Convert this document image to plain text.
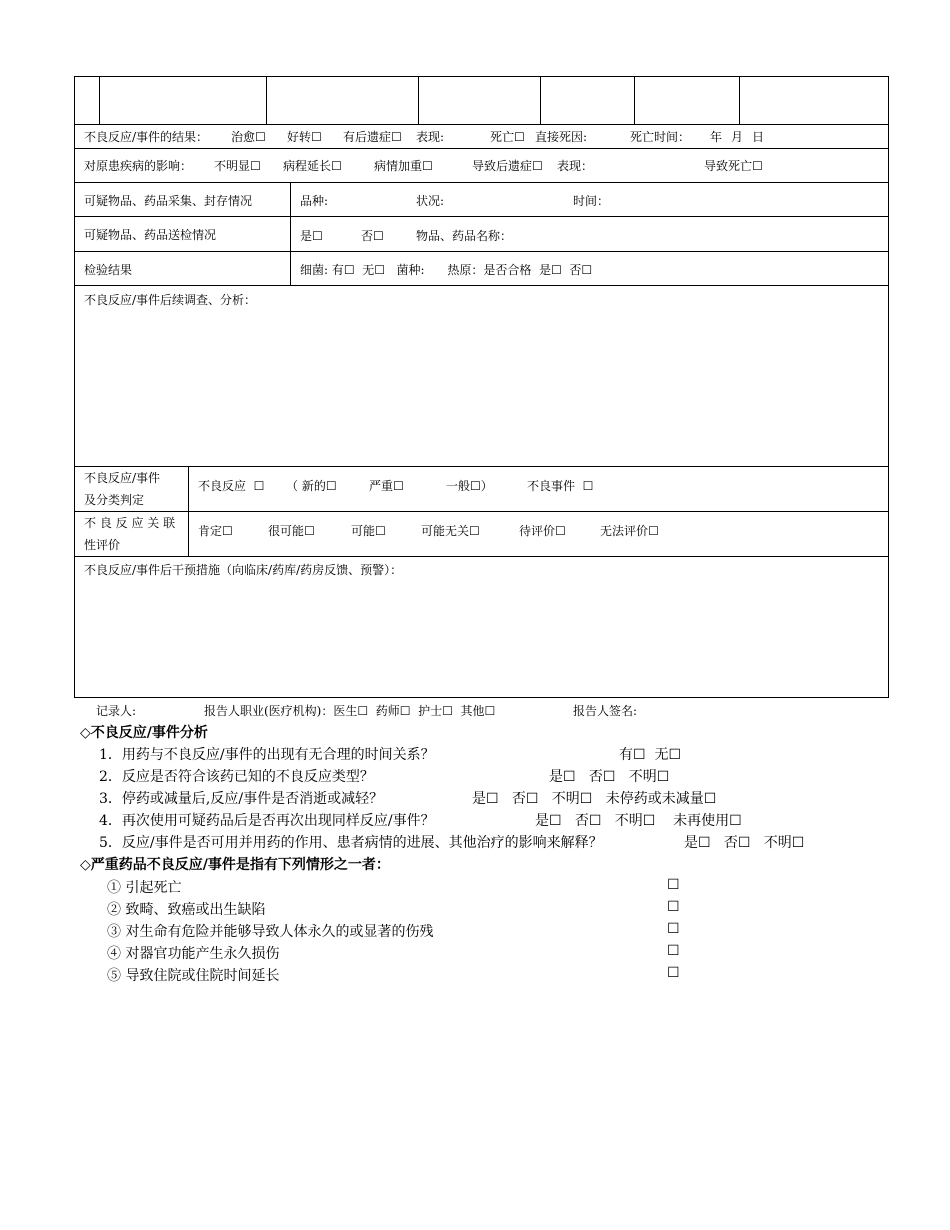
不良反应/事件的结果： 治愈☐ 好转☐ 有后遗症☐ 表现:	死亡☐ 直接死因:	死亡时间： 年 月 日
对原患疾病的影响： 不明显☐ 病程延长☐	病情加重☐	导致后遗症☐ 表现：	导致死亡☐
可疑物品、药品采集、封存情况	品种:	状况:	时间：
可疑物品、药品送检情况	是☐	否☐	物品、药品名称：
检验结果	细菌: 有☐  无☐   菌种:      热原：是否合格  是☐  否☐
不良反应/事件后续调查、分析：
不良反应/事件
及分类判定
不良反应  ☐ （ 新的☐	严重☐	一般☐）	不良事件  ☐
不 良 反 应 关 联
性评价
肯定☐	很可能☐	可能☐	可能无关☐	待评价☐	无法评价☐
不良反应/事件后干预措施（向临床/药库/药房反馈、预警）：
记录人:	报告人职业(医疗机构)：医生☐  药师☐  护士☐  其他☐	报告人签名:
◇不良反应/事件分析
1．用药与不良反应/事件的出现有无合理的时间关系？	有☐  无☐
2．反应是否符合该药已知的不良反应类型？	是☐   否☐   不明☐
3．停药或减量后,反应/事件是否消逝或减轻？	是☐   否☐   不明☐   未停药或未减量☐
4．再次使用可疑药品后是否再次出现同样反应/事件？	是☐   否☐   不明☐    未再使用☐
5．反应/事件是否可用并用药的作用、患者病情的进展、其他治疗的影响来解释？	是☐   否☐   不明☐
◇严重药品不良反应/事件是指有下列情形之一者：
① 引起死亡	☐
② 致畸、致癌或出生缺陷	☐
③ 对生命有危险并能够导致人体永久的或显著的伤残	☐
④ 对器官功能产生永久损伤	☐
⑤ 导致住院或住院时间延长	☐
